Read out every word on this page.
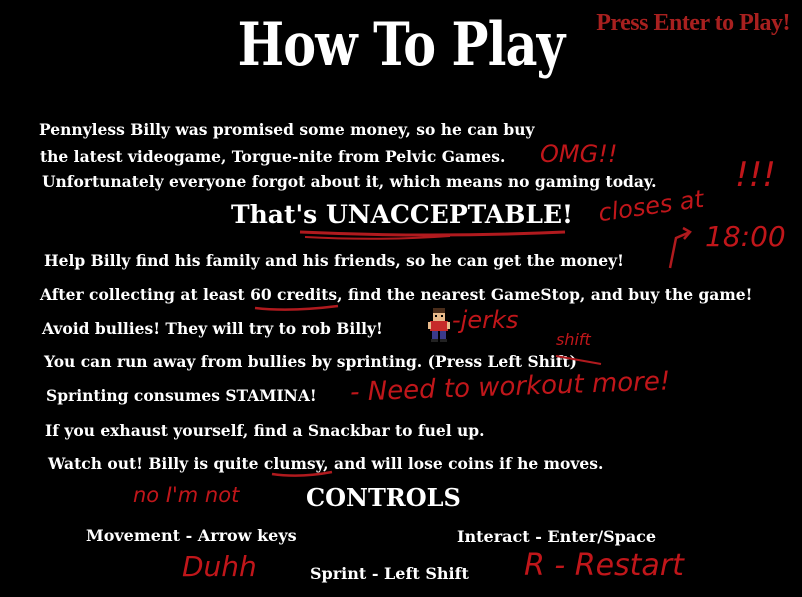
How To Play	Press Enter to Play!
Pennyless Billy was promised some money, so he can buy
the latest videogame, Torgue-nite from Pelvic Games.
Unfortunately everyone forgot about it, which means no gaming today.
That's UNACCEPTABLE!
Help Billy find his family and his friends, so he can get the money!
After collecting at least 60 credits, find the nearest GameStop, and buy the game!
Avoid bullies! They will try to rob Billy!
You can run away from bullies by sprinting. (Press Left Shift)
Sprinting consumes STAMINA!
If you exhaust yourself, find a Snackbar to fuel up.
Watch out! Billy is quite clumsy, and will lose coins if he moves.
OMG!!
closes at
!!!
18:00
-jerks
shift
- Need to workout more!
no I'm not	CONTROLS
Movement - Arrow keys	Interact - Enter/Space
Sprint - Left Shift
Duhh	R - Restart
